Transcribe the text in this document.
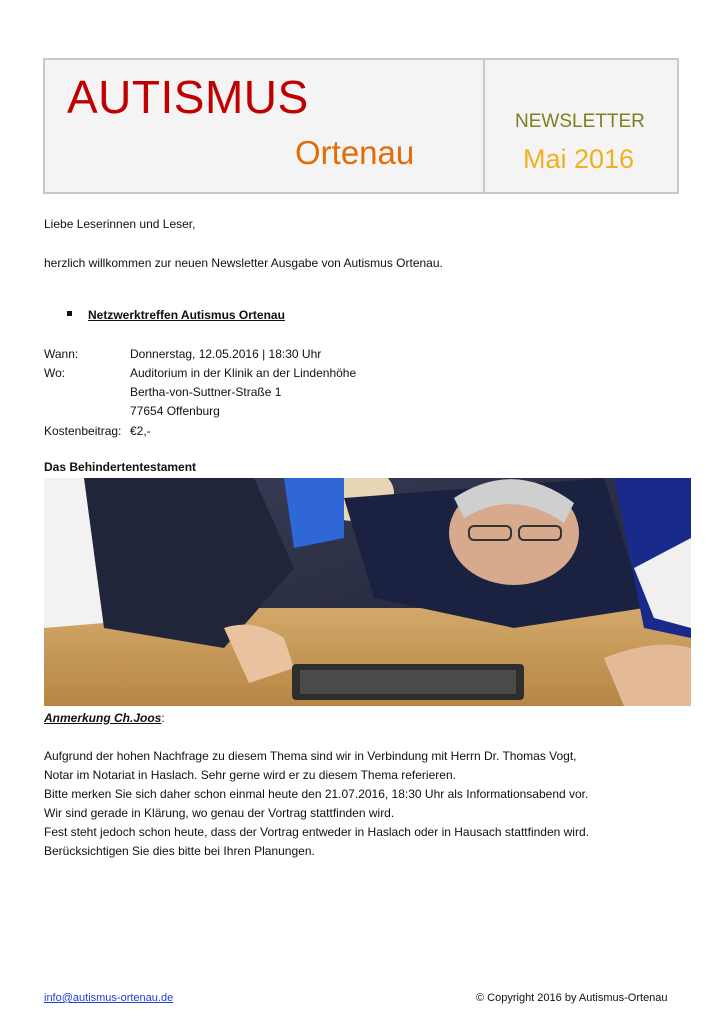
AUTISMUS
Ortenau
NEWSLETTER
Mai 2016
Liebe Leserinnen und Leser,
herzlich willkommen zur neuen Newsletter Ausgabe von Autismus Ortenau.
Netzwerktreffen Autismus Ortenau
Wann:	Donnerstag, 12.05.2016 | 18:30 Uhr
Wo:	Auditorium in der Klinik an der Lindenhöhe
Bertha-von-Suttner-Straße 1
77654 Offenburg
Kostenbeitrag: €2,-
Das Behindertentestament
Anmerkung Ch.Joos:
Aufgrund der hohen Nachfrage zu diesem Thema sind wir in Verbindung mit Herrn Dr. Thomas Vogt,
Notar im Notariat in Haslach. Sehr gerne wird er zu diesem Thema referieren.
Bitte merken Sie sich daher schon einmal heute den 21.07.2016, 18:30 Uhr als Informationsabend vor.
Wir sind gerade in Klärung, wo genau der Vortrag stattfinden wird.
Fest steht jedoch schon heute, dass der Vortrag entweder in Haslach oder in Hausach stattfinden wird.
Berücksichtigen Sie dies bitte bei Ihren Planungen.
info@autismus-ortenau.de	© Copyright 2016 by Autismus-Ortenau
